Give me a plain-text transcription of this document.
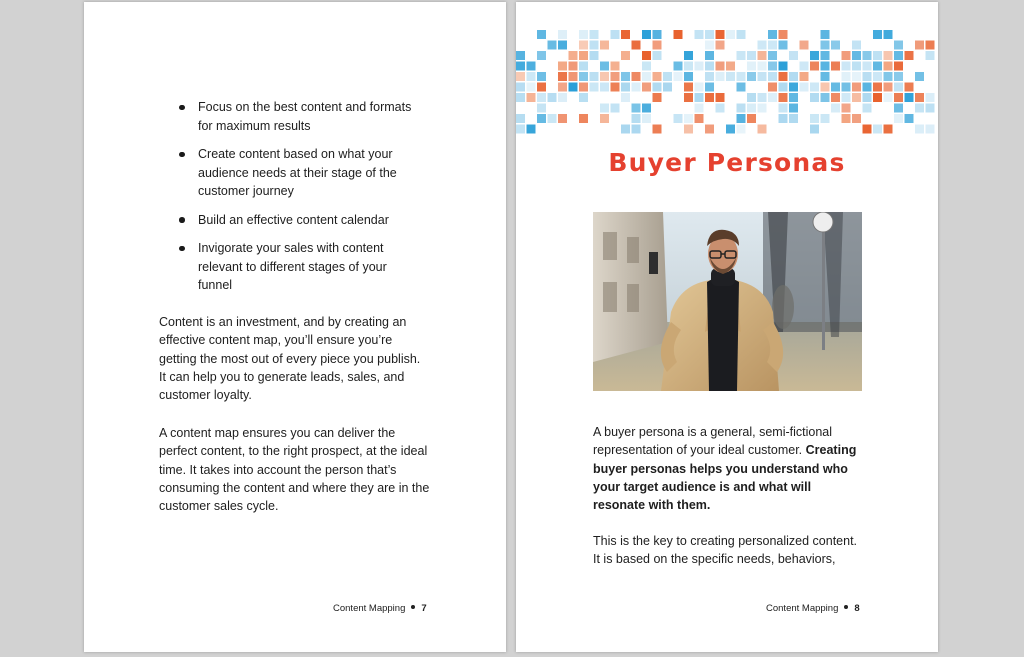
Focus on the best content and formats for maximum results
Create content based on what your audience needs at their stage of the customer journey
Build an effective content calendar
Invigorate your sales with content relevant to different stages of your funnel

Content is an investment, and by creating an effective content map, you’ll ensure you’re getting the most out of every piece you publish. It can help you to generate leads, sales, and customer loyalty.

A content map ensures you can deliver the perfect content, to the right prospect, at the ideal time. It takes into account the person that’s consuming the content and where they are in the customer sales cycle.

Content Mapping 7
Buyer Personas

A buyer persona is a general, semi-fictional representation of your ideal customer. Creating buyer personas helps you understand who your target audience is and what will resonate with them.

This is the key to creating personalized content. It is based on the specific needs, behaviors,

Content Mapping 8
